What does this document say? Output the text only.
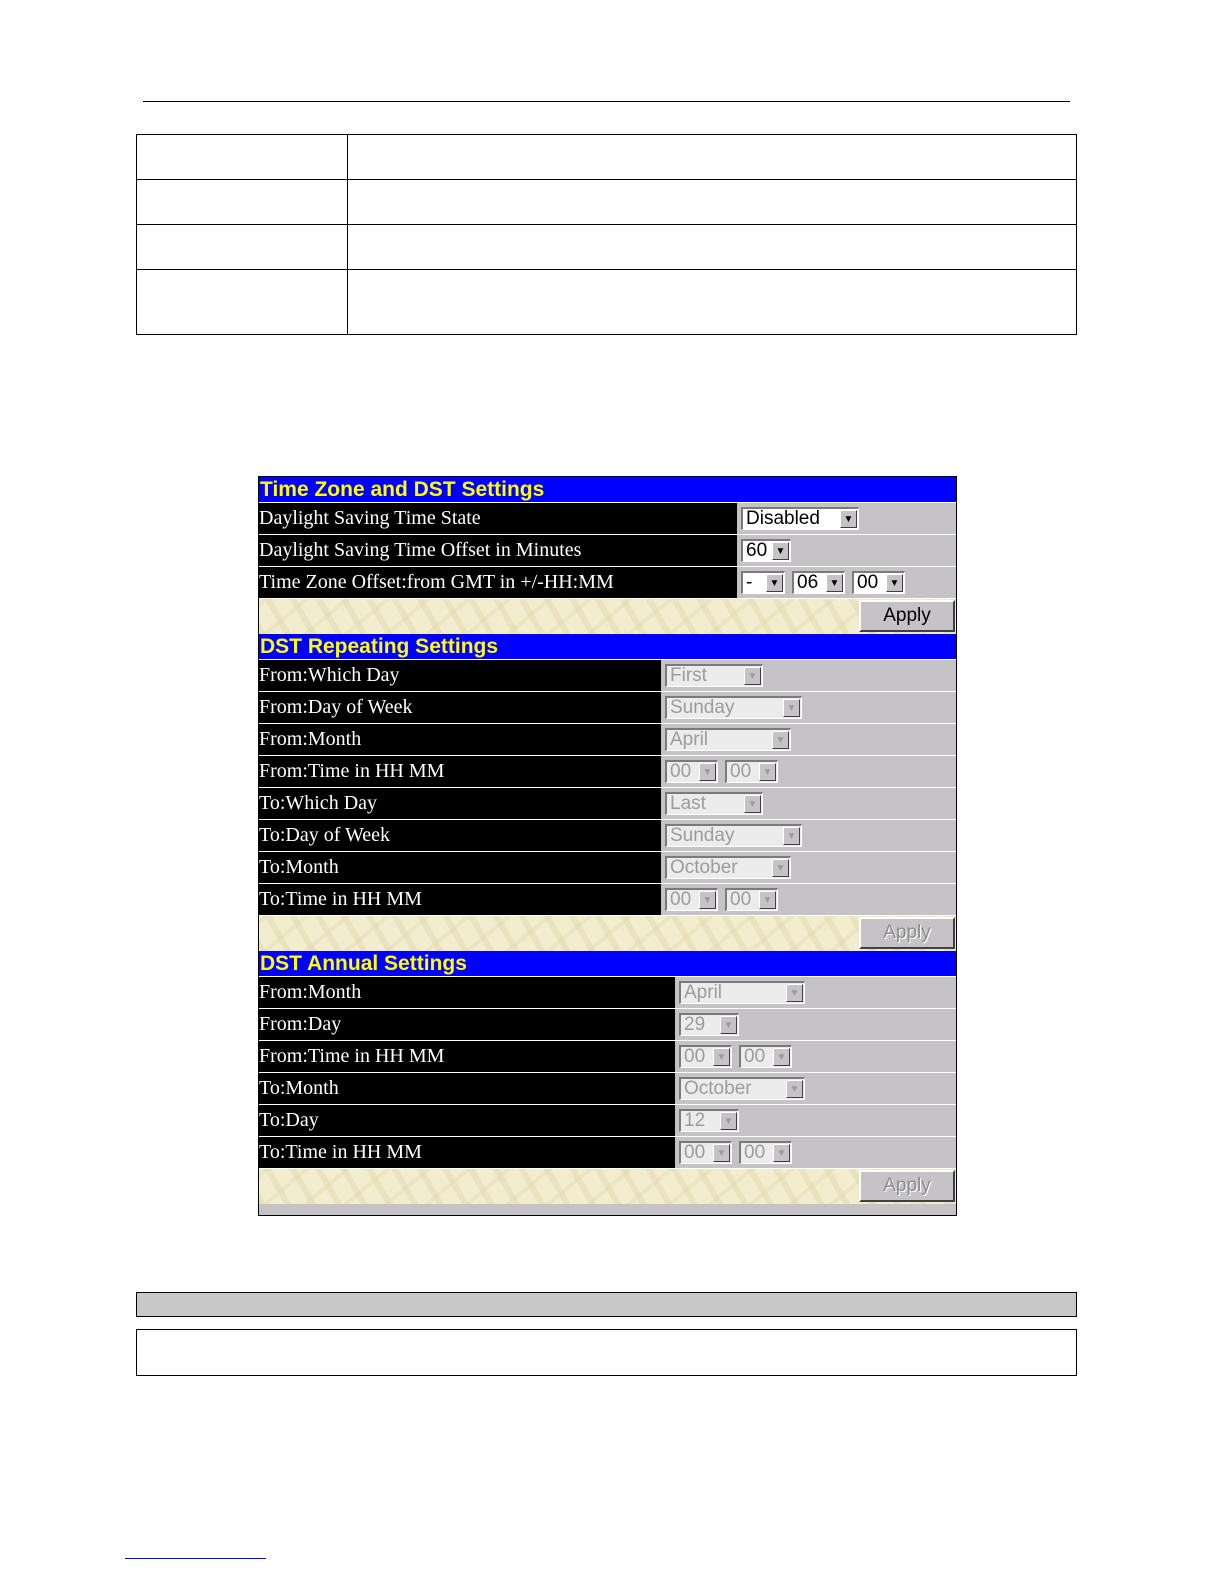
Time Zone and DST Settings
Daylight Saving Time State	Disabled	▼
Daylight Saving Time Offset in Minutes	60 ▼
Time Zone Offset:from GMT in +/-HH:MM	-	▼ 06	▼ 00	▼
Apply
DST Repeating Settings
From:Which Day	First	▼
From:Day of Week	Sunday	▼
From:Month	April	▼
From:Time in HH MM	00	▼ 00	▼
To:Which Day	Last	▼
To:Day of Week	Sunday	▼
To:Month	October	▼
To:Time in HH MM	00	▼ 00	▼
Apply
DST Annual Settings
From:Month	April	▼
From:Day	29	▼
From:Time in HH MM	00	▼ 00	▼
To:Month	October	▼
To:Day	12	▼
To:Time in HH MM	00	▼ 00	▼
Apply
